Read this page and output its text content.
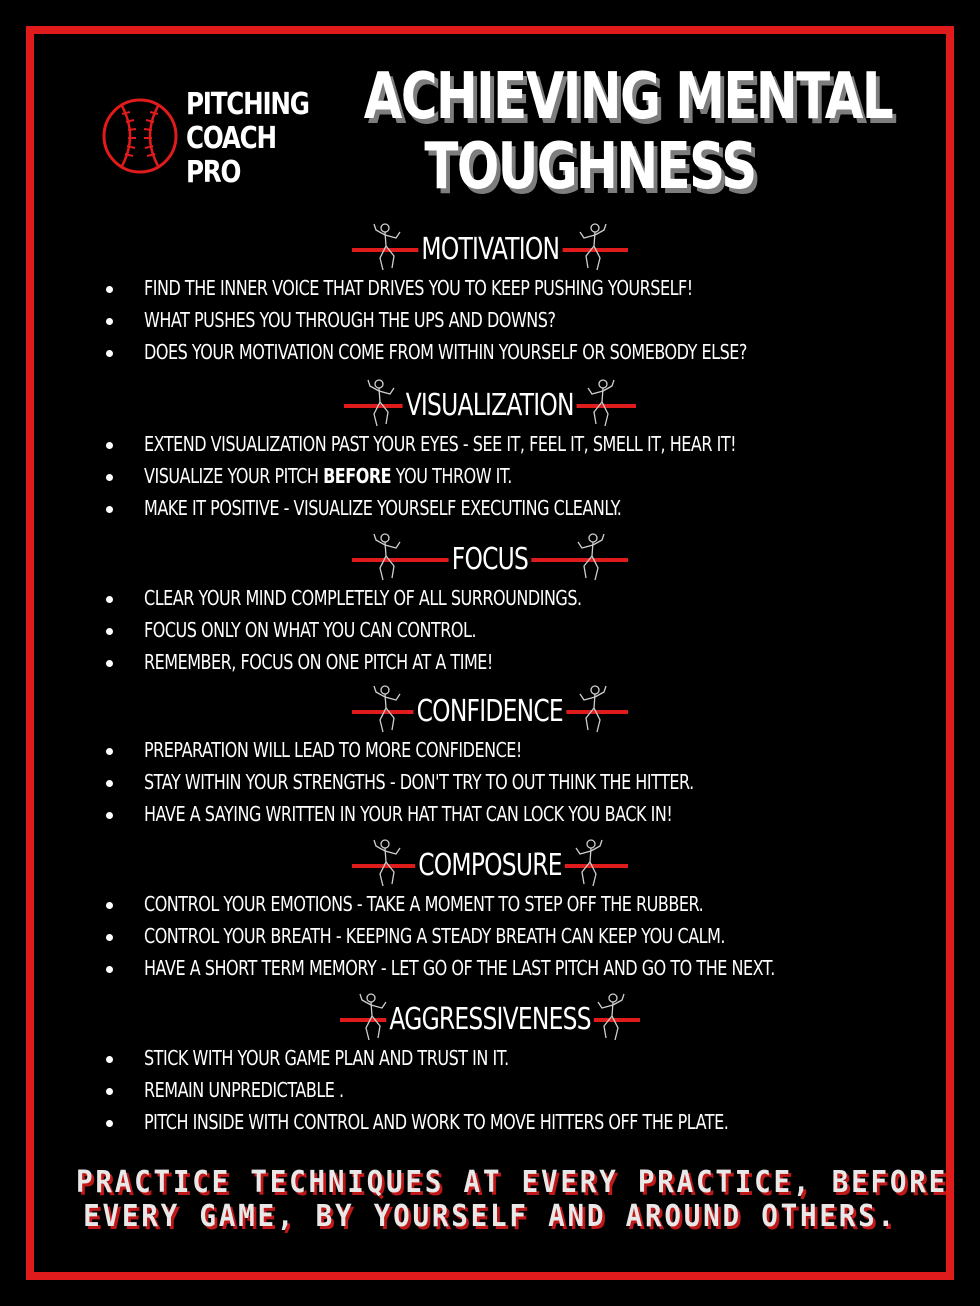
PITCHING
COACH
PRO
ACHIEVING MENTAL
TOUGHNESS
MOTIVATION
FIND THE INNER VOICE THAT DRIVES YOU TO KEEP PUSHING YOURSELF!
WHAT PUSHES YOU THROUGH THE UPS AND DOWNS?
DOES YOUR MOTIVATION COME FROM WITHIN YOURSELF OR SOMEBODY ELSE?
VISUALIZATION
EXTEND VISUALIZATION PAST YOUR EYES - SEE IT, FEEL IT, SMELL IT, HEAR IT!
VISUALIZE YOUR PITCH BEFORE YOU THROW IT.
MAKE IT POSITIVE - VISUALIZE YOURSELF EXECUTING CLEANLY.
FOCUS
CLEAR YOUR MIND COMPLETELY OF ALL SURROUNDINGS.
FOCUS ONLY ON WHAT YOU CAN CONTROL.
REMEMBER, FOCUS ON ONE PITCH AT A TIME!
CONFIDENCE
PREPARATION WILL LEAD TO MORE CONFIDENCE!
STAY WITHIN YOUR STRENGTHS - DON'T TRY TO OUT THINK THE HITTER.
HAVE A SAYING WRITTEN IN YOUR HAT THAT CAN LOCK YOU BACK IN!
COMPOSURE
CONTROL YOUR EMOTIONS - TAKE A MOMENT TO STEP OFF THE RUBBER.
CONTROL YOUR BREATH - KEEPING A STEADY BREATH CAN KEEP YOU CALM.
HAVE A SHORT TERM MEMORY - LET GO OF THE LAST PITCH AND GO TO THE NEXT.
AGGRESSIVENESS
STICK WITH YOUR GAME PLAN AND TRUST IN IT.
REMAIN UNPREDICTABLE .
PITCH INSIDE WITH CONTROL AND WORK TO MOVE HITTERS OFF THE PLATE.
PRACTICE TECHNIQUES AT EVERY PRACTICE, BEFORE
EVERY GAME, BY YOURSELF AND AROUND OTHERS.
